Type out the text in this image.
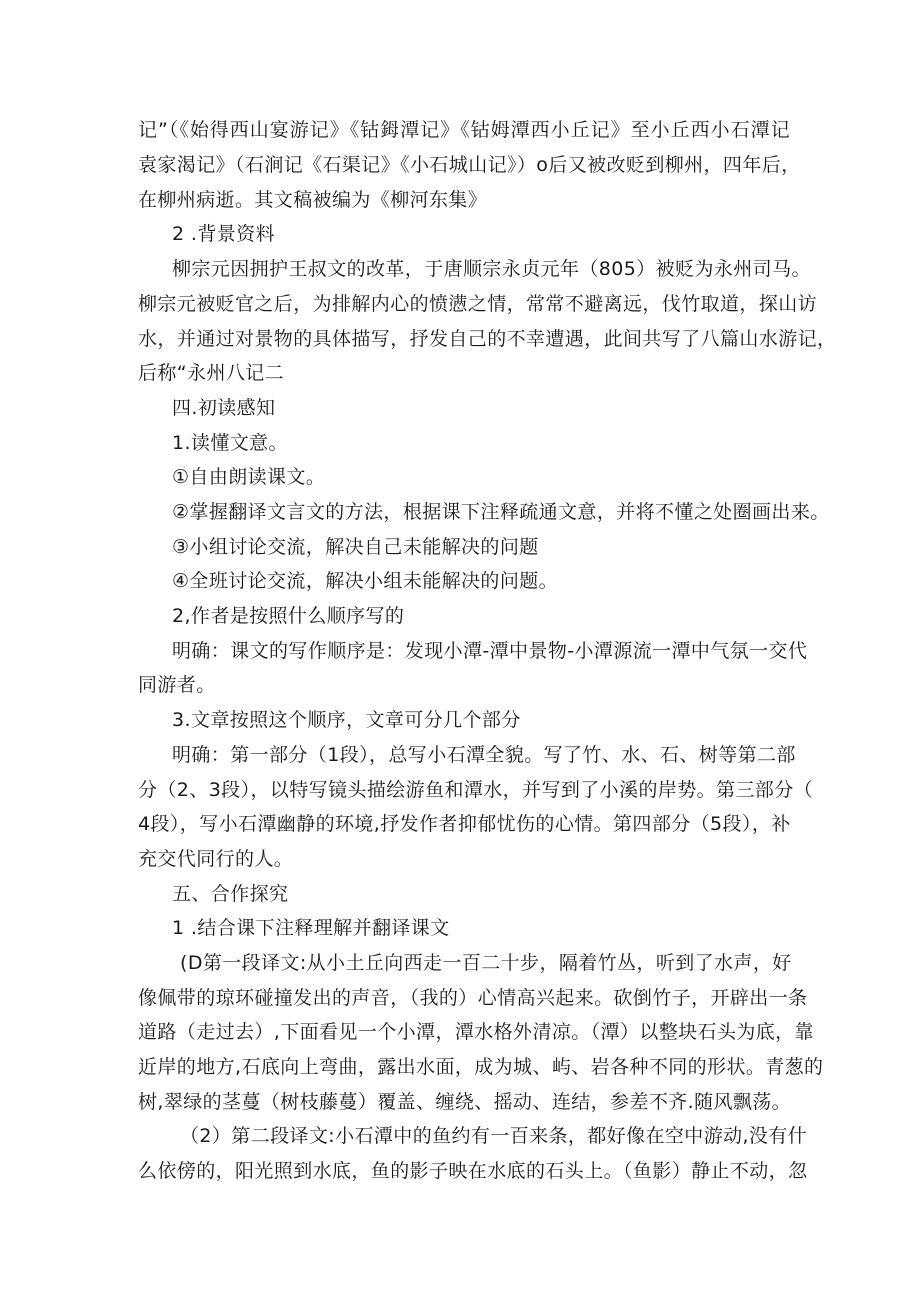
记”（《始得西山宴游记》《钴鉧潭记》《钴姆潭西小丘记》至小丘西小石潭记
袁家渴记》（石涧记《石渠记》《小石城山记》）o后又被改贬到柳州，四年后，
在柳州病逝。其文稿被编为《柳河东集》
2 .背景资料
柳宗元因拥护王叔文的改革，于唐顺宗永贞元年（805）被贬为永州司马。
柳宗元被贬官之后，为排解内心的愤懑之情，常常不避离远，伐竹取道，探山访
水，并通过对景物的具体描写，抒发自己的不幸遭遇，此间共写了八篇山水游记，
后称“永州八记二
四.初读感知
1.读懂文意。
①自由朗读课文。
②掌握翻译文言文的方法，根据课下注释疏通文意，并将不懂之处圈画出来。
③小组讨论交流，解决自己未能解决的问题
④全班讨论交流，解决小组未能解决的问题。
2,作者是按照什么顺序写的
明确：课文的写作顺序是：发现小潭-潭中景物-小潭源流一潭中气氛一交代
同游者。
3.文章按照这个顺序，文章可分几个部分
明确：第一部分（1段），总写小石潭全貌。写了竹、水、石、树等第二部
分（2、3段），以特写镜头描绘游鱼和潭水，并写到了小溪的岸势。第三部分（
4段），写小石潭幽静的环境,抒发作者抑郁忧伤的心情。第四部分（5段），补
充交代同行的人。
五、合作探究
1 .结合课下注释理解并翻译课文
(D第一段译文:从小土丘向西走一百二十步，隔着竹丛，听到了水声，好
像佩带的琼环碰撞发出的声音，（我的）心情高兴起来。砍倒竹子，开辟出一条
道路（走过去）,下面看见一个小潭，潭水格外清凉。（潭）以整块石头为底，靠
近岸的地方,石底向上弯曲，露出水面，成为城、屿、岩各种不同的形状。青葱的
树,翠绿的茎蔓（树枝藤蔓）覆盖、缠绕、摇动、连结，参差不齐.随风飘荡。
（2）第二段译文:小石潭中的鱼约有一百来条，都好像在空中游动,没有什
么依傍的，阳光照到水底，鱼的影子映在水底的石头上。（鱼影）静止不动，忽
